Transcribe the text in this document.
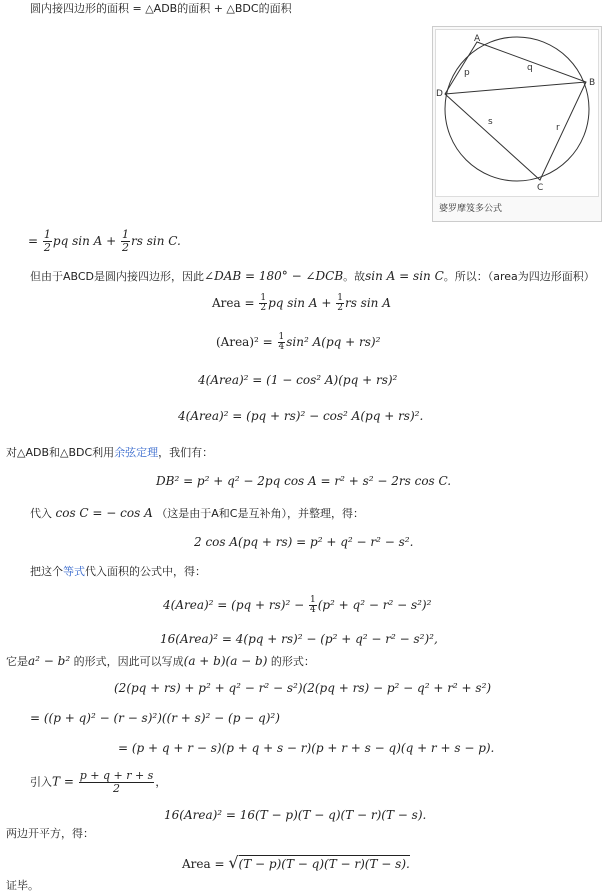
圆内接四边形的面积 = △ADB的面积 + △BDC的面积
A
B
C
D
p	q
r
s
婆罗摩笈多公式
= $\frac{1}{2}$ pq $\sin A + \frac{1}{2}$ rs sin C.
但由于ABCD是圆内接四边形，因此∠DAB = 180° − ∠DCB。故sin A = sin C。所以：（area为四边形面积）
Area = $\frac{1}{2}$ pq $\sin A + \frac{1}{2}$ rs sin A
(Area)² = $\frac{1}{4} \sin^2$ A(pq + rs)²
4(Area)² = (1 − cos² A)(pq + rs)²
4(Area)² = (pq + rs)² − cos² A(pq + rs)².
对△ADB和△BDC利用余弦定理，我们有：
DB² = p² + q² − 2pq cos A = r² + s² − 2rs cos C.
代入 cos C = − cos A （这是由于A和C是互补角），并整理，得：
2 cos A(pq + rs) = p² + q² − r² − s².
把这个等式代入面积的公式中，得：
4(Area)² = $(pq + rs)^2 - \frac{1}{4} (p^2 + q^2 - r^2 - s^2)^2$
16(Area)² = 4(pq + rs)² − (p² + q² − r² − s²)²,
它是a² − b² 的形式，因此可以写成(a + b)(a − b) 的形式：
(2(pq + rs) + p² + q² − r² − s²)(2(pq + rs) − p² − q² + r² + s²)
= ((p + q)² − (r − s)²)((r + s)² − (p − q)²)
= (p + q + r − s)(p + q + s − r)(p + r + s − q)(q + r + s − p).
引入$T = \frac{p + q + r + s}{2}$ ，
16(Area)² = 16(T − p)(T − q)(T − r)(T − s).
两边开平方，得：
Area = √(T − p)(T − q)(T − r)(T − s).
证毕。
